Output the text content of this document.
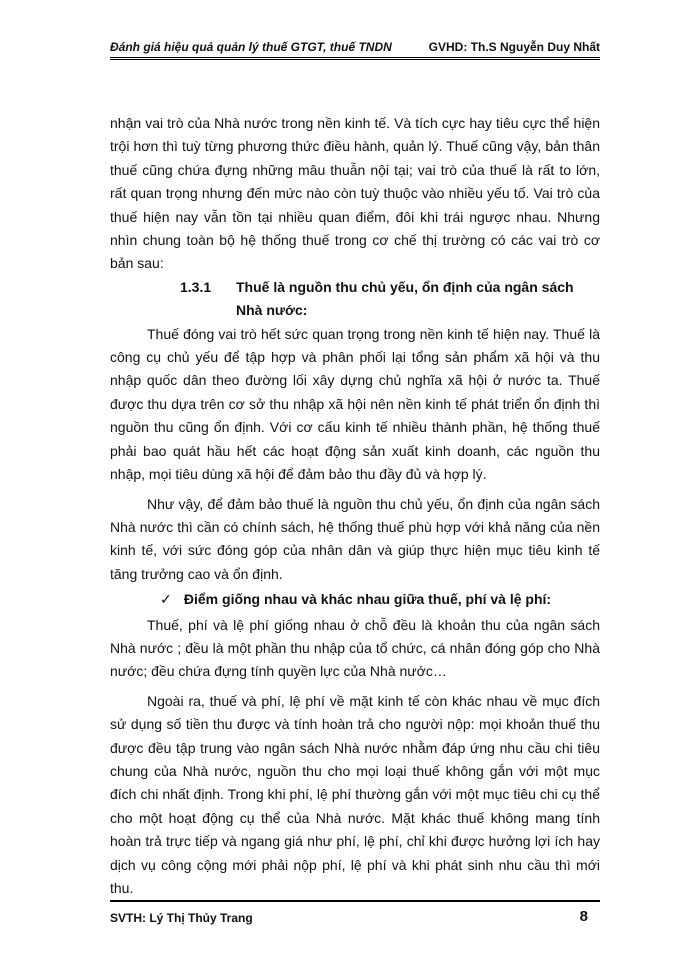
Đánh giá hiệu quả quản lý thuế GTGT, thuế TNDN	GVHD: Th.S Nguyễn Duy Nhất

nhận vai trò của Nhà nước trong nền kinh tế. Và tích cực hay tiêu cực thể hiện trội hơn thì tuỳ từng phương thức điều hành, quản lý. Thuế cũng vậy, bản thân thuế cũng chứa đựng những mâu thuẫn nội tại; vai trò của thuế là rất to lớn, rất quan trọng nhưng đến mức nào còn tuỳ thuộc vào nhiều yếu tố. Vai trò của thuế hiện nay vẫn tồn tại nhiều quan điểm, đôi khi trái ngược nhau. Nhưng nhìn chung toàn bộ hệ thống thuế trong cơ chế thị trường có các vai trò cơ bản sau:

1.3.1	Thuế là nguồn thu chủ yếu, ổn định của ngân sách Nhà nước:

Thuế đóng vai trò hết sức quan trọng trong nền kinh tế hiện nay. Thuế là công cụ chủ yếu để tập hợp và phân phối lại tổng sản phẩm xã hội và thu nhập quốc dân theo đường lối xây dựng chủ nghĩa xã hội ở nước ta. Thuế được thu dựa trên cơ sở thu nhập xã hội nên nền kinh tế phát triển ổn định thì nguồn thu cũng ổn định. Với cơ cấu kinh tế nhiều thành phần, hệ thống thuế phải bao quát hầu hết các hoạt động sản xuất kinh doanh, các nguồn thu nhập, mọi tiêu dùng xã hội để đảm bảo thu đầy đủ và hợp lý.

Như vậy, để đảm bảo thuế là nguồn thu chủ yếu, ổn định của ngân sách Nhà nước thì cần có chính sách, hệ thống thuế phù hợp với khả năng của nền kinh tế, với sức đóng góp của nhân dân và giúp thực hiện mục tiêu kinh tế tăng trưởng cao và ổn định.

✓ Điểm giống nhau và khác nhau giữa thuế, phí và lệ phí:

Thuế, phí và lệ phí giống nhau ở chỗ đều là khoản thu của ngân sách Nhà nước ; đều là một phần thu nhập của tổ chức, cá nhân đóng góp cho Nhà nước; đều chứa đựng tính quyền lực của Nhà nước…

Ngoài ra, thuế và phí, lệ phí về mặt kinh tế còn khác nhau về mục đích sử dụng số tiền thu được và tính hoàn trả cho người nộp: mọi khoản thuế thu được đều tập trung vào ngân sách Nhà nước nhằm đáp ứng nhu cầu chi tiêu chung của Nhà nước, nguồn thu cho mọi loại thuế không gắn với một mục đích chi nhất định. Trong khi phí, lệ phí thường gắn với một mục tiêu chi cụ thể cho một hoạt động cụ thể của Nhà nước. Mặt khác thuế không mang tính hoàn trả trực tiếp và ngang giá như phí, lệ phí, chỉ khi được hưởng lợi ích hay dịch vụ công cộng mới phải nộp phí, lệ phí và khi phát sinh nhu cầu thì mới thu.

SVTH: Lý Thị Thủy Trang	8
